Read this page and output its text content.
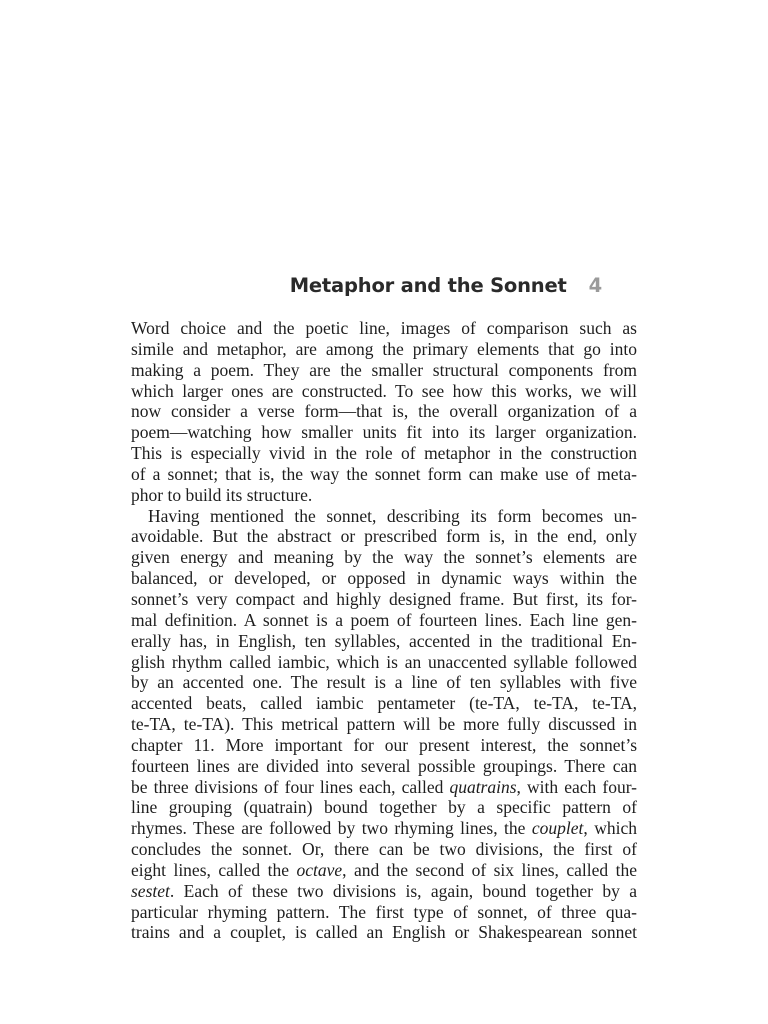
Metaphor and the Sonnet 4
Word choice and the poetic line, images of comparison such as
simile and metaphor, are among the primary elements that go into
making a poem. They are the smaller structural components from
which larger ones are constructed. To see how this works, we will
now consider a verse form—that is, the overall organization of a
poem—watching how smaller units fit into its larger organization.
This is especially vivid in the role of metaphor in the construction
of a sonnet; that is, the way the sonnet form can make use of meta-
phor to build its structure.
Having mentioned the sonnet, describing its form becomes un-
avoidable. But the abstract or prescribed form is, in the end, only
given energy and meaning by the way the sonnet’s elements are
balanced, or developed, or opposed in dynamic ways within the
sonnet’s very compact and highly designed frame. But first, its for-
mal definition. A sonnet is a poem of fourteen lines. Each line gen-
erally has, in English, ten syllables, accented in the traditional En-
glish rhythm called iambic, which is an unaccented syllable followed
by an accented one. The result is a line of ten syllables with five
accented beats, called iambic pentameter (te-TA, te-TA, te-TA,
te-TA, te-TA). This metrical pattern will be more fully discussed in
chapter 11. More important for our present interest, the sonnet’s
fourteen lines are divided into several possible groupings. There can
be three divisions of four lines each, called quatrains, with each four-
line grouping (quatrain) bound together by a specific pattern of
rhymes. These are followed by two rhyming lines, the couplet, which
concludes the sonnet. Or, there can be two divisions, the first of
eight lines, called the octave, and the second of six lines, called the
sestet. Each of these two divisions is, again, bound together by a
particular rhyming pattern. The first type of sonnet, of three qua-
trains and a couplet, is called an English or Shakespearean sonnet
